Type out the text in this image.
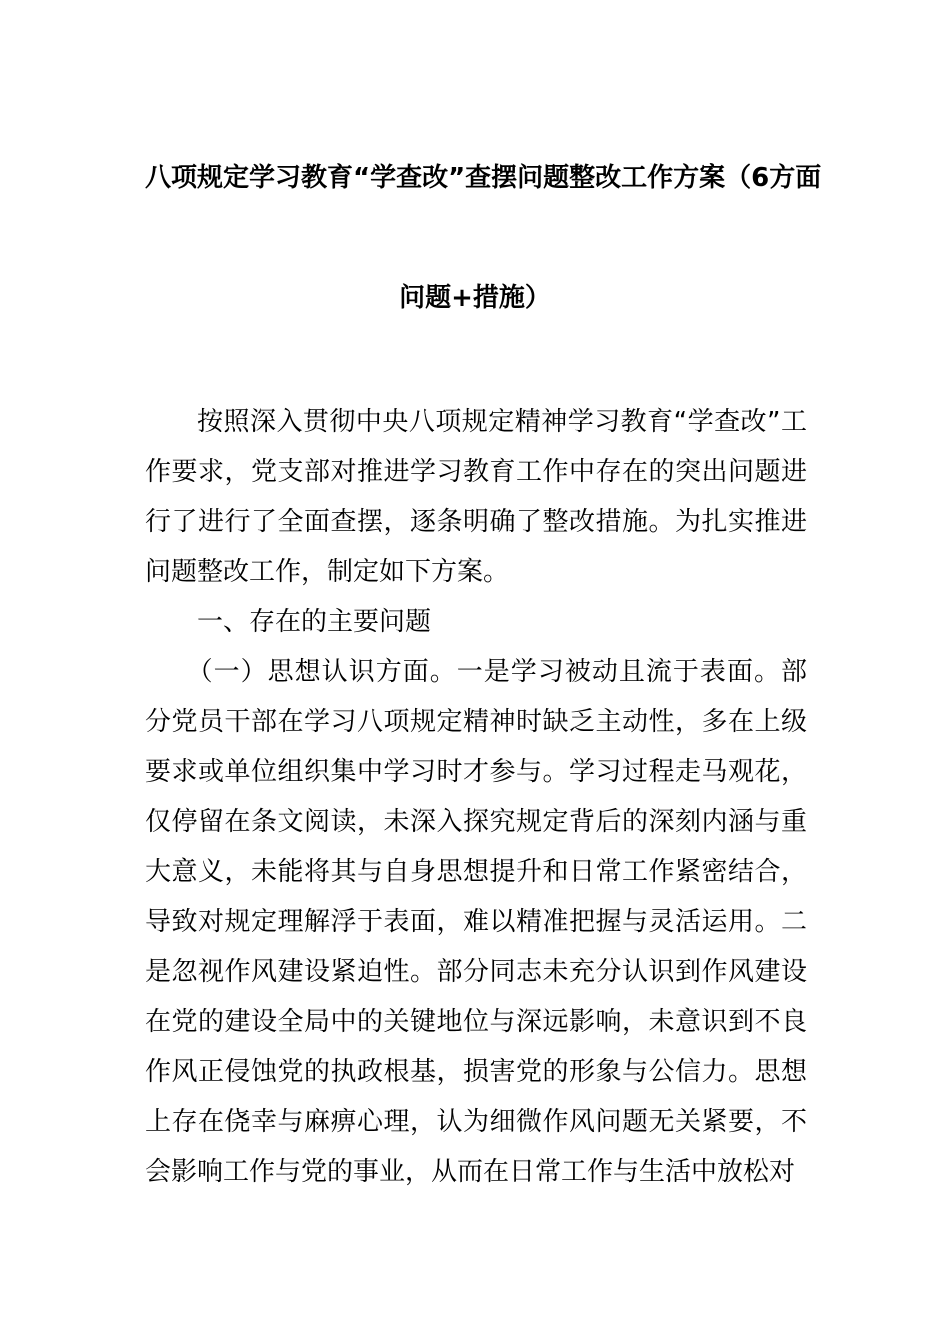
八项规定学习教育“学查改”查摆问题整改工作方案（6方面
问题+措施）

按照深入贯彻中央八项规定精神学习教育“学查改”工作要求，党支部对推进学习教育工作中存在的突出问题进行了进行了全面查摆，逐条明确了整改措施。为扎实推进问题整改工作，制定如下方案。

一、存在的主要问题

（一）思想认识方面。一是学习被动且流于表面。部分党员干部在学习八项规定精神时缺乏主动性，多在上级要求或单位组织集中学习时才参与。学习过程走马观花，仅停留在条文阅读，未深入探究规定背后的深刻内涵与重大意义，未能将其与自身思想提升和日常工作紧密结合，导致对规定理解浮于表面，难以精准把握与灵活运用。二是忽视作风建设紧迫性。部分同志未充分认识到作风建设在党的建设全局中的关键地位与深远影响，未意识到不良作风正侵蚀党的执政根基，损害党的形象与公信力。思想上存在侥幸与麻痹心理，认为细微作风问题无关紧要，不会影响工作与党的事业，从而在日常工作与生活中放松对
